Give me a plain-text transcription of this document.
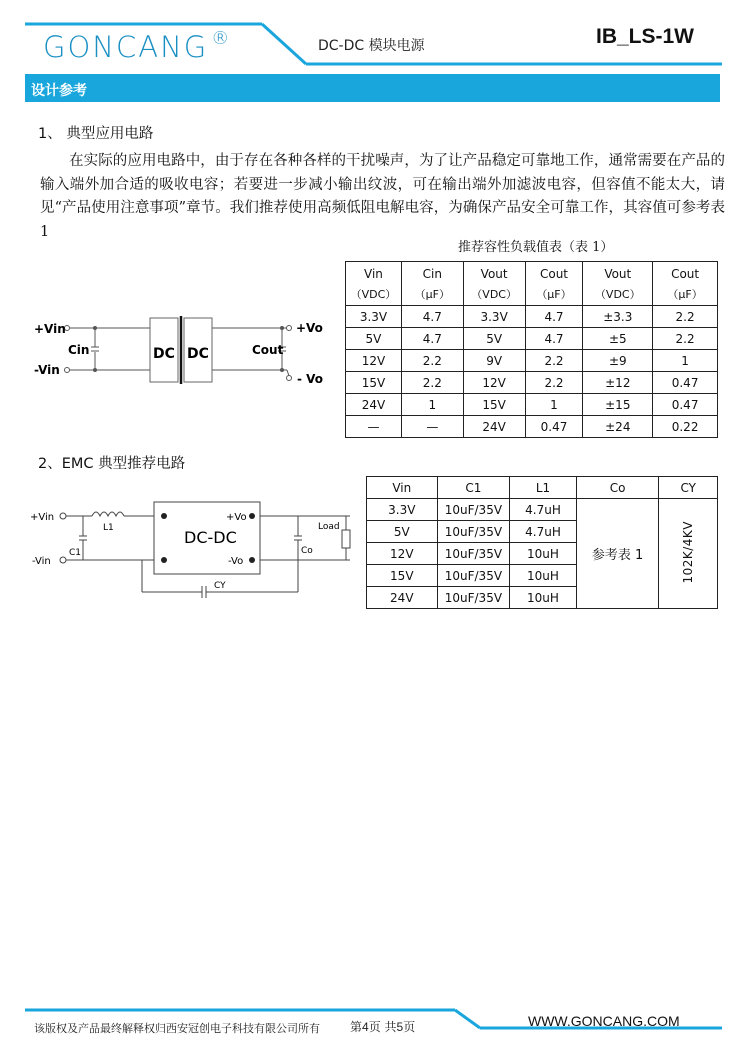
GONCANG ®	DC-DC 模块电源	IB_LS-1W
设计参考
1、 典型应用电路
在实际的应用电路中，由于存在各种各样的干扰噪声，为了让产品稳定可靠地工作，通常需要在产品的输入端外加合适的吸收电容；若要进一步减小输出纹波，可在输出端外加滤波电容，但容值不能太大，请见“产品使用注意事项”章节。我们推荐使用高频低阻电解电容，为确保产品安全可靠工作，其容值可参考表 1
+Vin
-Vin
Cin	DC DC	Cout
+Vo
- Vo
推荐容性负载值表（表 1）
Vin	Cin	Vout	Cout	Vout	Cout
（VDC）	（μF）	（VDC）	（μF）	（VDC）	（μF）
3.3V	4.7	3.3V	4.7	±3.3	2.2
5V	4.7	5V	4.7	±5	2.2
12V	2.2	9V	2.2	±9	1
15V	2.2	12V	2.2	±12	0.47
24V	1	15V	1	±15	0.47
—	—	24V	0.47	±24	0.22
2、EMC 典型推荐电路
+Vin
-Vin
L1
C1
DC-DC
+Vo
-Vo
Load
Co
CY
Vin	C1	L1	Co	CY
3.3V	10uF/35V	4.7uH	参考表 1	102K/4KV
5V	10uF/35V	4.7uH		
12V	10uF/35V	10uH		
15V	10uF/35V	10uH		
24V	10uF/35V	10uH		
该版权及产品最终解释权归西安冠创电子科技有限公司所有	第4页 共5页	WWW.GONCANG.COM
